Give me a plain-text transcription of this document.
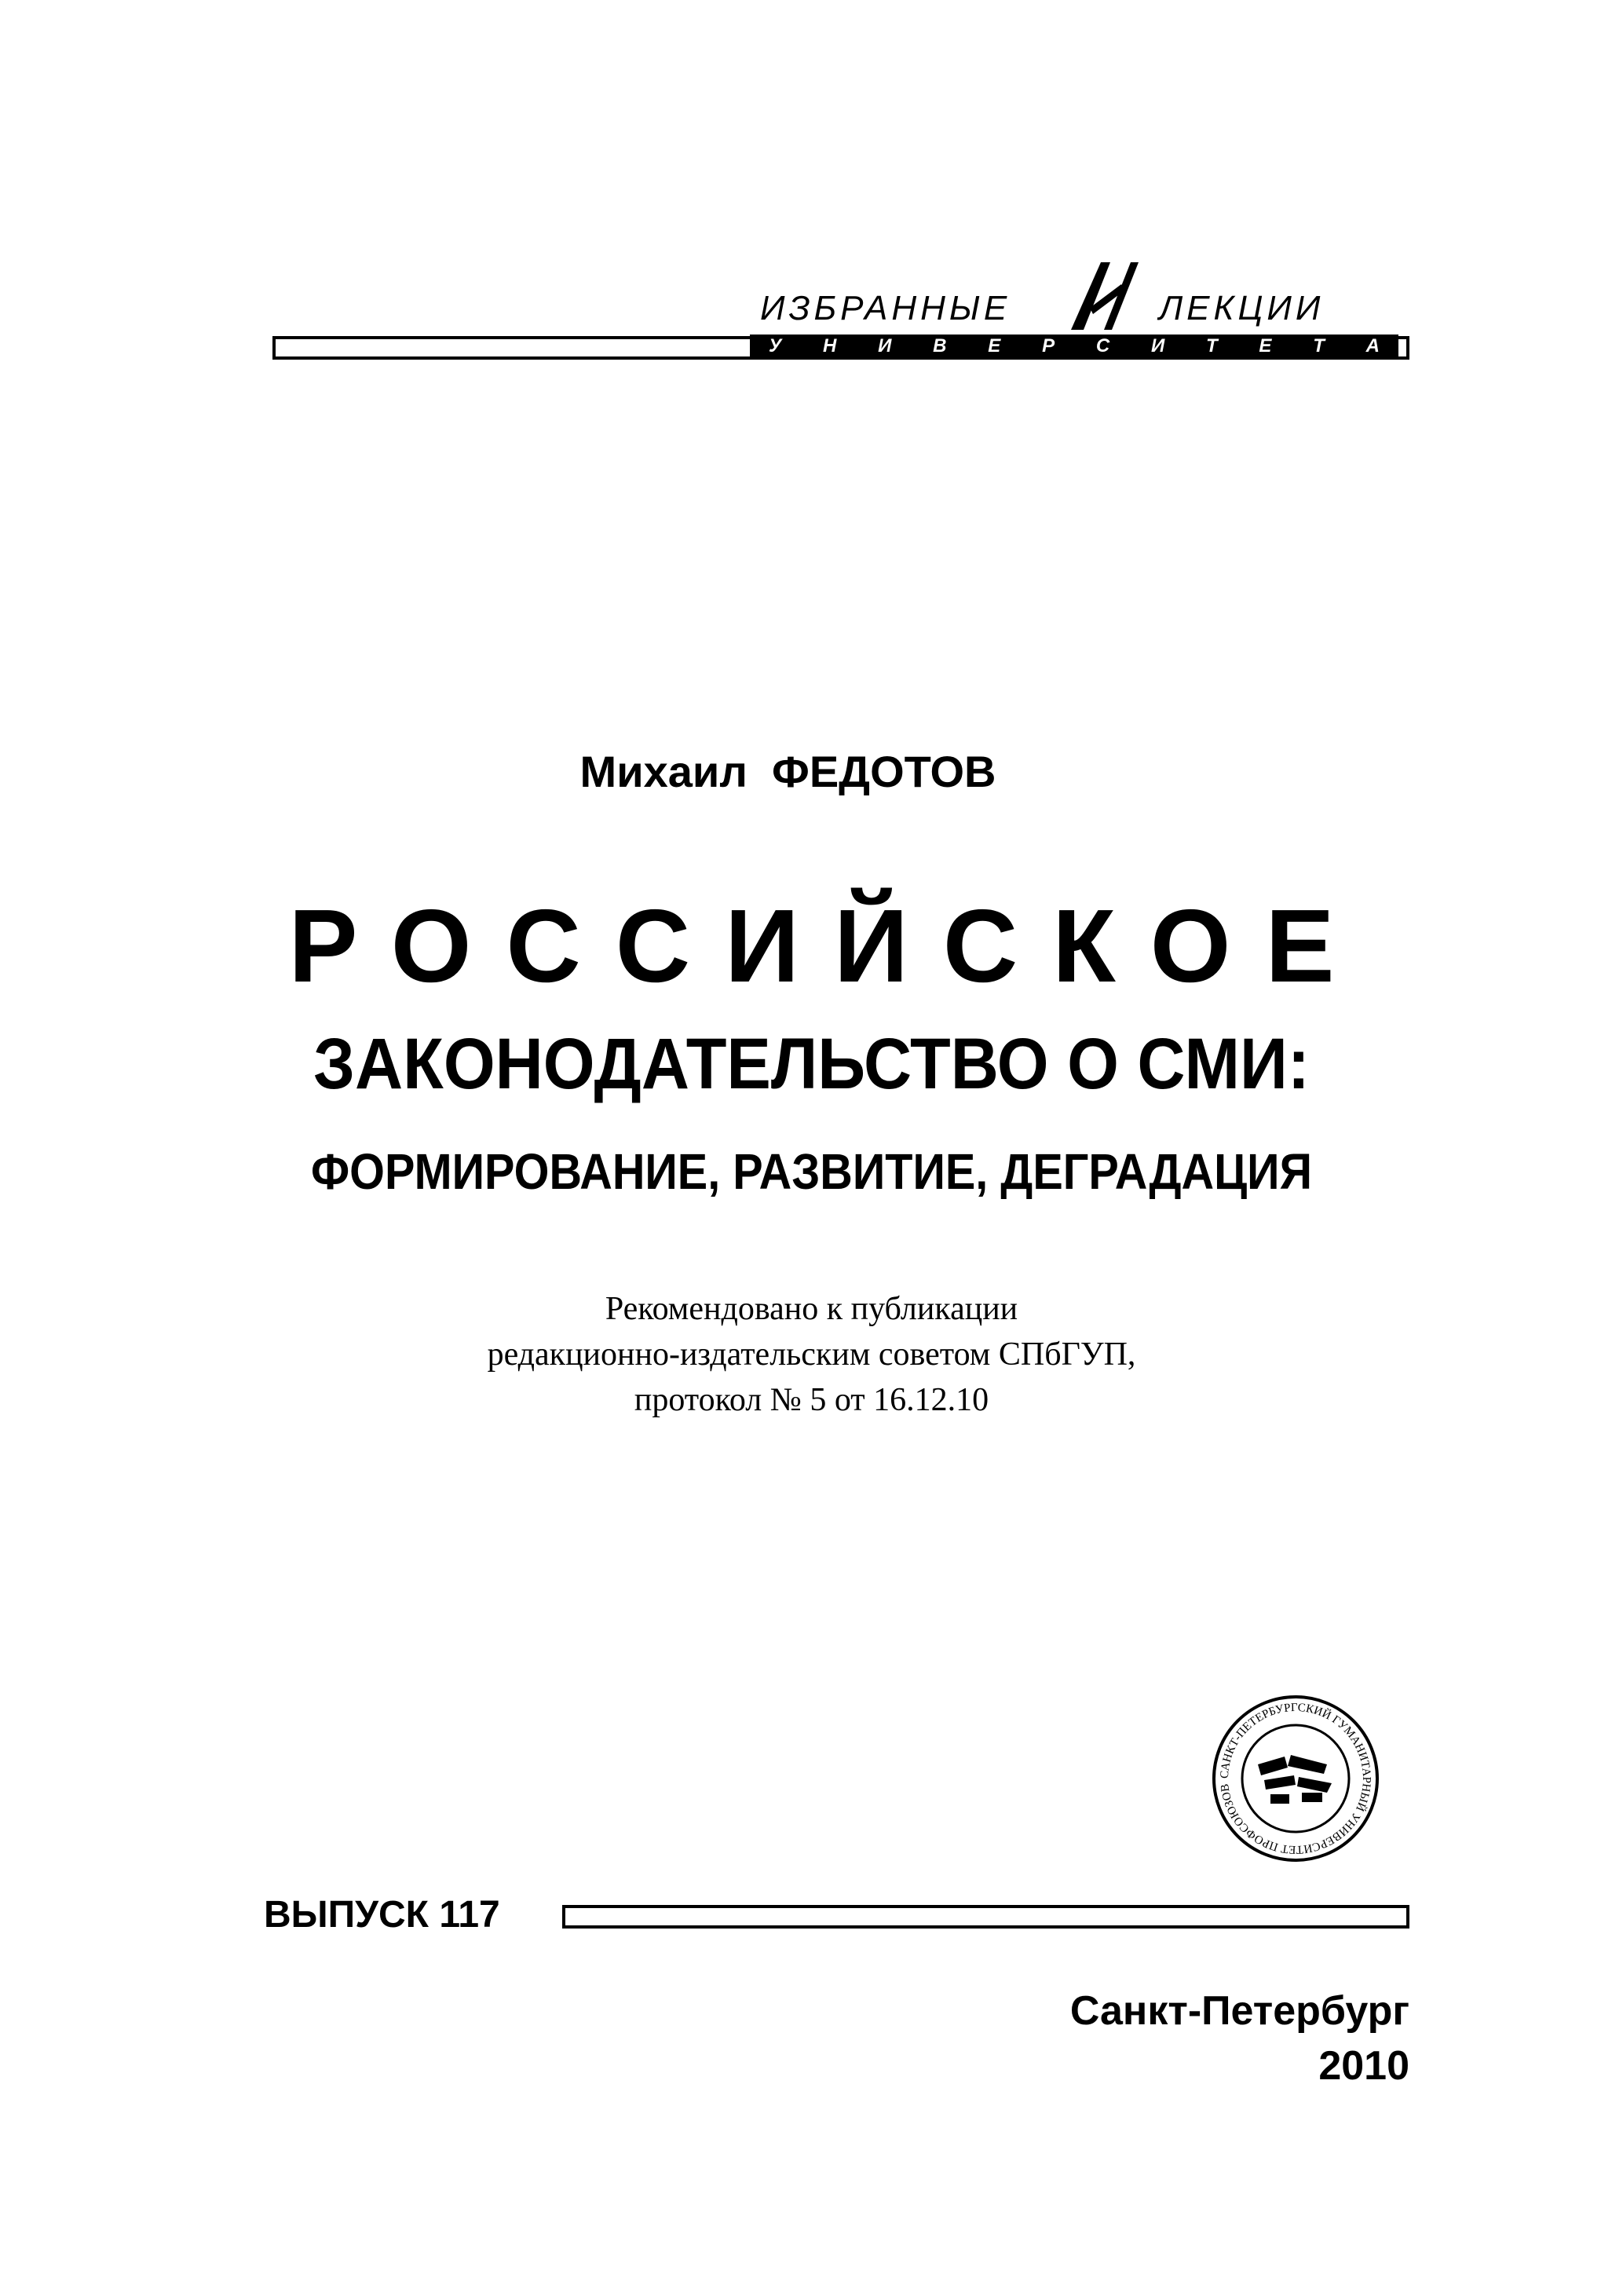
ИЗБРАННЫЕ	ЛЕКЦИИ
У Н И В Е Р С И Т Е Т А
Михаил  ФЕДОТОВ
РОССИЙСКОЕ
ЗАКОНОДАТЕЛЬСТВО О СМИ:
ФОРМИРОВАНИЕ, РАЗВИТИЕ, ДЕГРАДАЦИЯ
Рекомендовано к публикации
редакционно-издательским советом СПбГУП,
протокол № 5 от 16.12.10
САНКТ-ПЕТЕРБУРГСКИЙ ГУМАНИТАРНЫЙ УНИВЕРСИТЕТ ПРОФСОЮЗОВ
ВЫПУСК 117
Санкт-Петербург
2010
